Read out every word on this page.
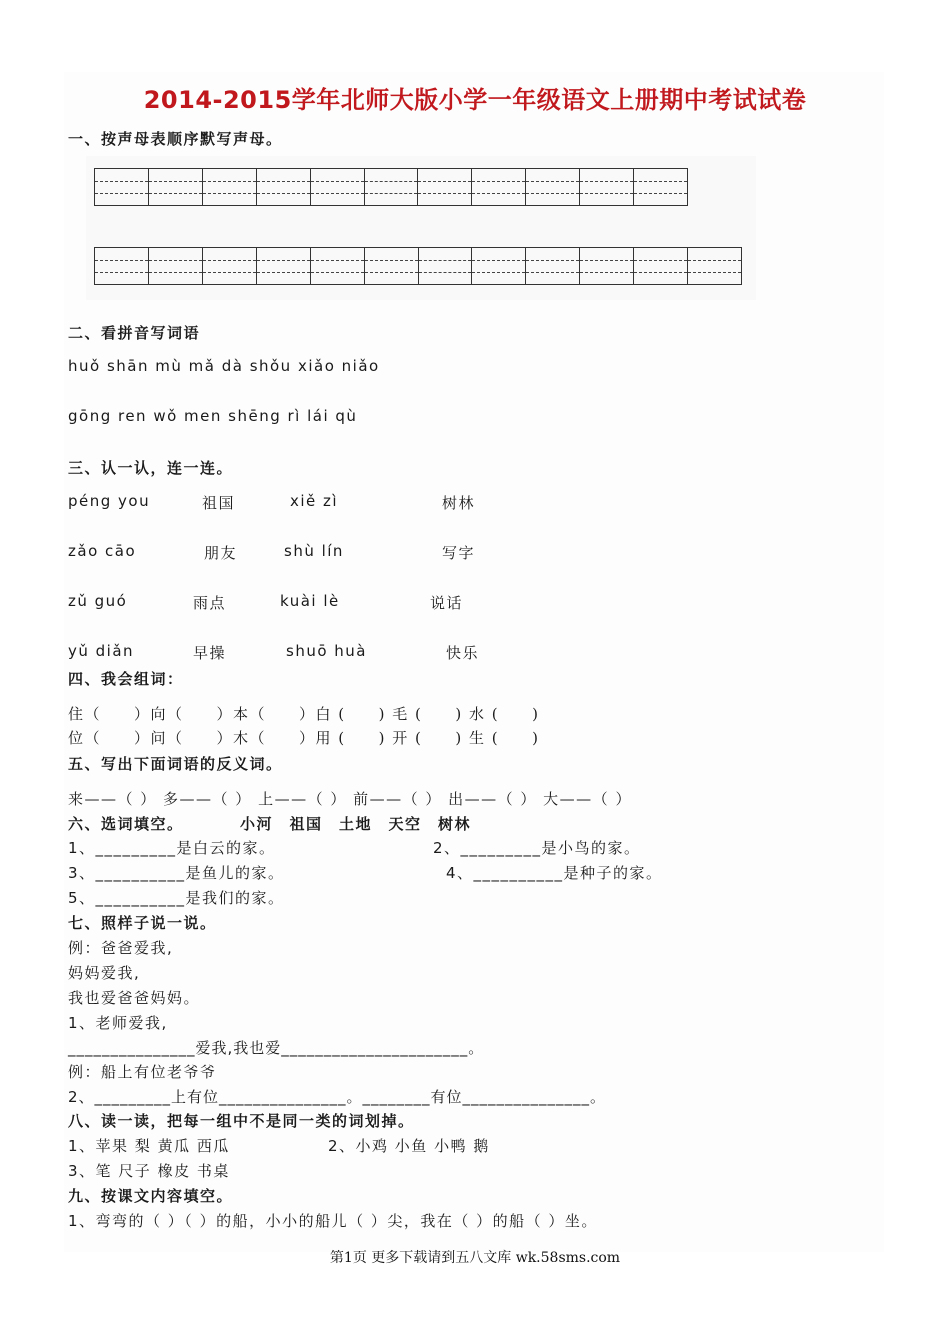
2014-2015学年北师大版小学一年级语文上册期中考试试卷
一、按声母表顺序默写声母。
二、看拼音写词语
huǒ shān mù mǎ dà shǒu xiǎo niǎo
gōng ren wǒ men shēng rì lái qù
三、认一认，连一连。
péng you	祖国	xiě zì	树林
zǎo cāo	朋友	shù lín	写字
zǔ guó	雨点	kuài lè	说话
yǔ diǎn	早操	shuō huà	快乐
四、我会组词：
住（　　）向（　　）本（　　）白 (　　) 毛 (　　) 水 (　　)
位（　　）问（　　）木（　　）用 (　　) 开 (　　) 生 (　　)
五、写出下面词语的反义词。
来——（ ） 多——（ ） 上——（ ） 前——（ ） 出——（ ） 大——（ ）
六、选词填空。	小河　祖国　土地　天空　树林
1、_________是白云的家。	2、_________是小鸟的家。
3、__________是鱼儿的家。	4、__________是种子的家。
5、__________是我们的家。
七、照样子说一说。
例：爸爸爱我,
妈妈爱我,
我也爱爸爸妈妈。
1、老师爱我,
_______________爱我,我也爱______________________。
例：船上有位老爷爷
2、_________上有位_______________。________有位_______________。
八、读一读，把每一组中不是同一类的词划掉。
1、苹果 梨 黄瓜 西瓜	2、小鸡 小鱼 小鸭 鹅
3、笔 尺子 橡皮 书桌
九、按课文内容填空。
1、弯弯的（ ）（ ）的船，小小的船儿（ ）尖，我在（ ）的船（ ）坐。
第1页 更多下载请到五八文库 wk.58sms.com
